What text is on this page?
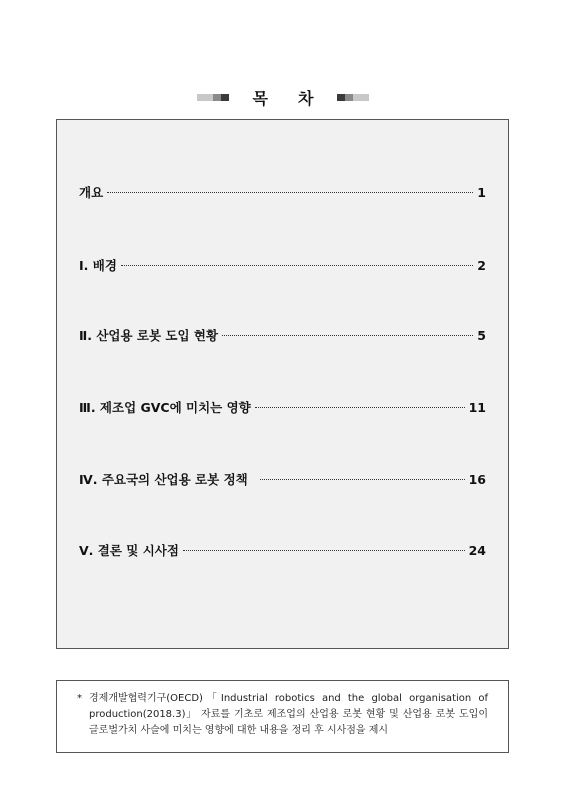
목 차
개요	1
Ⅰ. 배경	2
Ⅱ. 산업용 로봇 도입 현황	5
Ⅲ. 제조업 GVC에 미치는 영향	11
Ⅳ. 주요국의 산업용 로봇 정책	16
Ⅴ. 결론 및 시사점	24
* 경제개발협력기구(OECD)「Industrial robotics and the global organisation of production(2018.3)」 자료를 기초로 제조업의 산업용 로봇 현황 및 산업용 로봇 도입이 글로벌가치 사슬에 미치는 영향에 대한 내용을 정리 후 시사점을 제시
